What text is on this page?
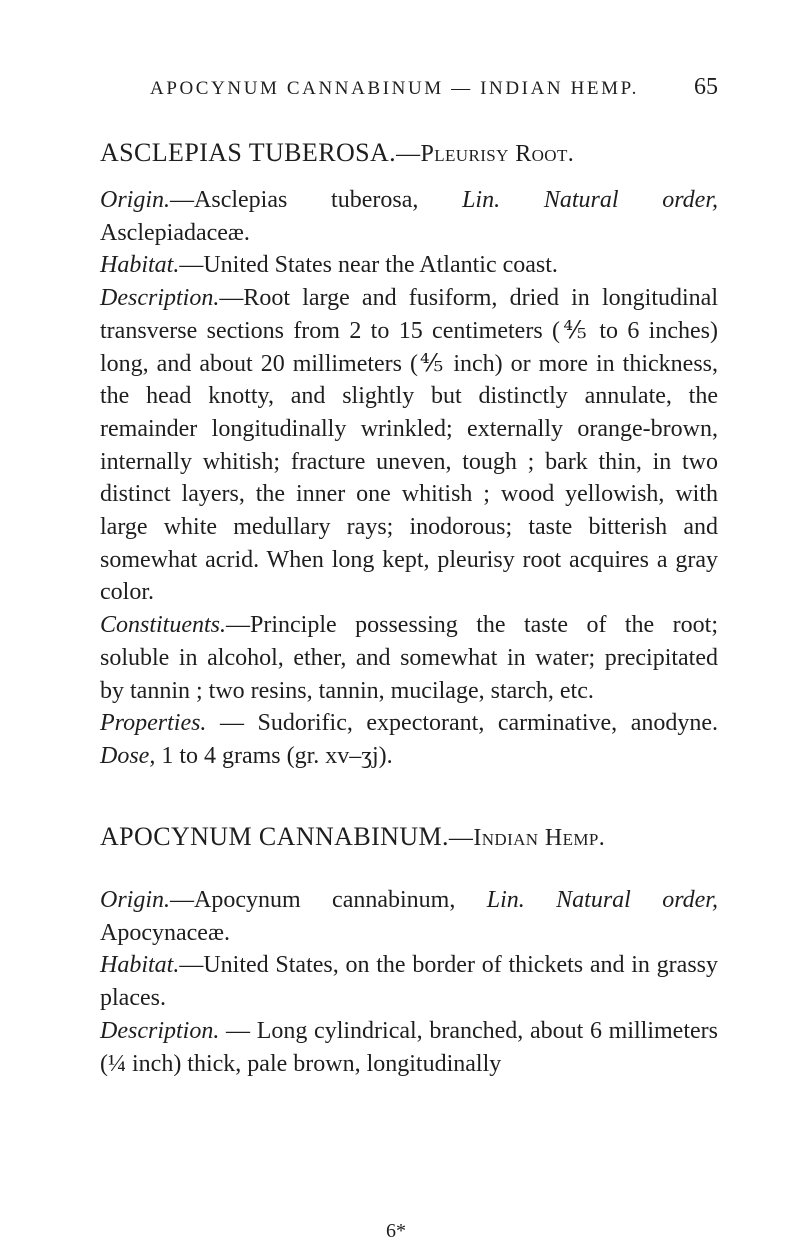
APOCYNUM CANNABINUM — INDIAN HEMP. 65

ASCLEPIAS TUBEROSA.—Pleurisy Root.

Origin.—Asclepias tuberosa, Lin. Natural order, Asclepiadaceæ.

Habitat.—United States near the Atlantic coast.

Description.—Root large and fusiform, dried in longitudinal transverse sections from 2 to 15 centimeters (⅘ to 6 inches) long, and about 20 millimeters (⅘ inch) or more in thickness, the head knotty, and slightly but distinctly annulate, the remainder longitudinally wrinkled; externally orange-brown, internally whitish; fracture uneven, tough ; bark thin, in two distinct layers, the inner one whitish ; wood yellowish, with large white medullary rays; inodorous; taste bitterish and somewhat acrid. When long kept, pleurisy root acquires a gray color.

Constituents.—Principle possessing the taste of the root; soluble in alcohol, ether, and somewhat in water; precipitated by tannin ; two resins, tannin, mucilage, starch, etc.

Properties. — Sudorific, expectorant, carminative, anodyne. Dose, 1 to 4 grams (gr. xv–ʒj).

APOCYNUM CANNABINUM.—Indian Hemp.

Origin.—Apocynum cannabinum, Lin. Natural order, Apocynaceæ.

Habitat.—United States, on the border of thickets and in grassy places.

Description. — Long cylindrical, branched, about 6 millimeters (¼ inch) thick, pale brown, longitudinally

6*
